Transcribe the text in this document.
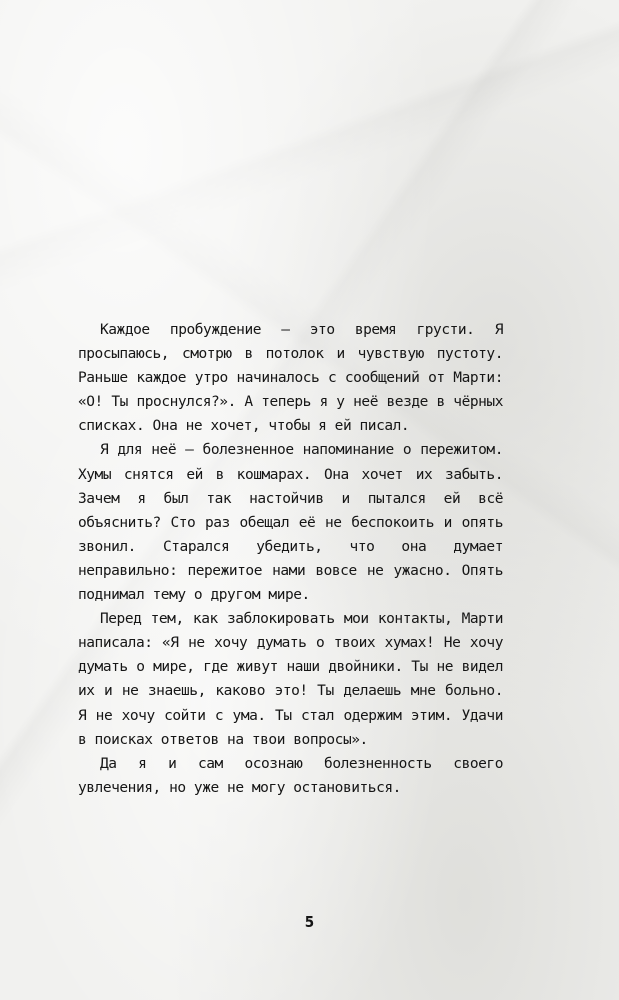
Каждое пробуждение — это время грусти. Я просыпаюсь, смотрю в потолок и чувствую пустоту. Раньше каждое утро начиналось с сообщений от Марти: «О! Ты проснулся?». А теперь я у неё везде в чёрных списках. Она не хочет, чтобы я ей писал.

Я для неё — болезненное напоминание о пережитом. Хумы снятся ей в кошмарах. Она хочет их забыть. Зачем я был так настойчив и пытался ей всё объяснить? Сто раз обещал её не беспокоить и опять звонил. Старался убедить, что она думает неправильно: пережитое нами вовсе не ужасно. Опять поднимал тему о другом мире.

Перед тем, как заблокировать мои контакты, Марти написала: «Я не хочу думать о твоих хумах! Не хочу думать о мире, где живут наши двойники. Ты не видел их и не знаешь, каково это! Ты делаешь мне больно. Я не хочу сойти с ума. Ты стал одержим этим. Удачи в поисках ответов на твои вопросы».

Да я и сам осознаю болезненность своего увлечения, но уже не могу остановиться.

5
